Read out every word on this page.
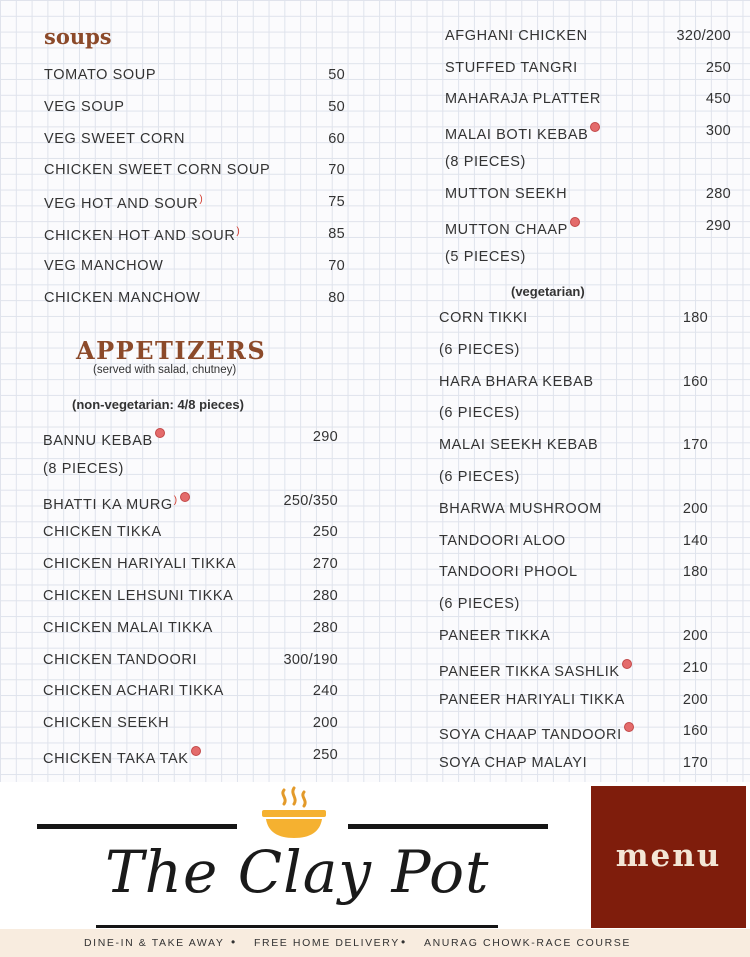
soups
TOMATO SOUP	50
VEG SOUP	50
VEG SWEET CORN	60
CHICKEN SWEET CORN SOUP	70
VEG HOT AND SOUR)	75
CHICKEN HOT AND SOUR)	85
VEG MANCHOW	70
CHICKEN MANCHOW	80
APPETIZERS
(served with salad, chutney)
(non-vegetarian: 4/8 pieces)
BANNU KEBAB	290
(8 PIECES)
BHATTI KA MURG)	250/350
CHICKEN TIKKA	250
CHICKEN HARIYALI TIKKA	270
CHICKEN LEHSUNI TIKKA	280
CHICKEN MALAI TIKKA	280
CHICKEN TANDOORI	300/190
CHICKEN ACHARI TIKKA	240
CHICKEN SEEKH	200
CHICKEN TAKA TAK	250
AFGHANI CHICKEN	320/200
STUFFED TANGRI	250
MAHARAJA PLATTER	450
MALAI BOTI KEBAB	300
(8 PIECES)
MUTTON SEEKH	280
MUTTON CHAAP	290
(5 PIECES)
(vegetarian)
CORN TIKKI	180
(6 PIECES)
HARA BHARA KEBAB	160
(6 PIECES)
MALAI SEEKH KEBAB	170
(6 PIECES)
BHARWA MUSHROOM	200
TANDOORI ALOO	140
TANDOORI PHOOL	180
(6 PIECES)
PANEER TIKKA	200
PANEER TIKKA SASHLIK	210
PANEER HARIYALI TIKKA	200
SOYA CHAAP TANDOORI	160
SOYA CHAP MALAYI	170
The Clay Pot	menu
DINE-IN & TAKE AWAY • FREE HOME DELIVERY • ANURAG CHOWK-RACE COURSE
